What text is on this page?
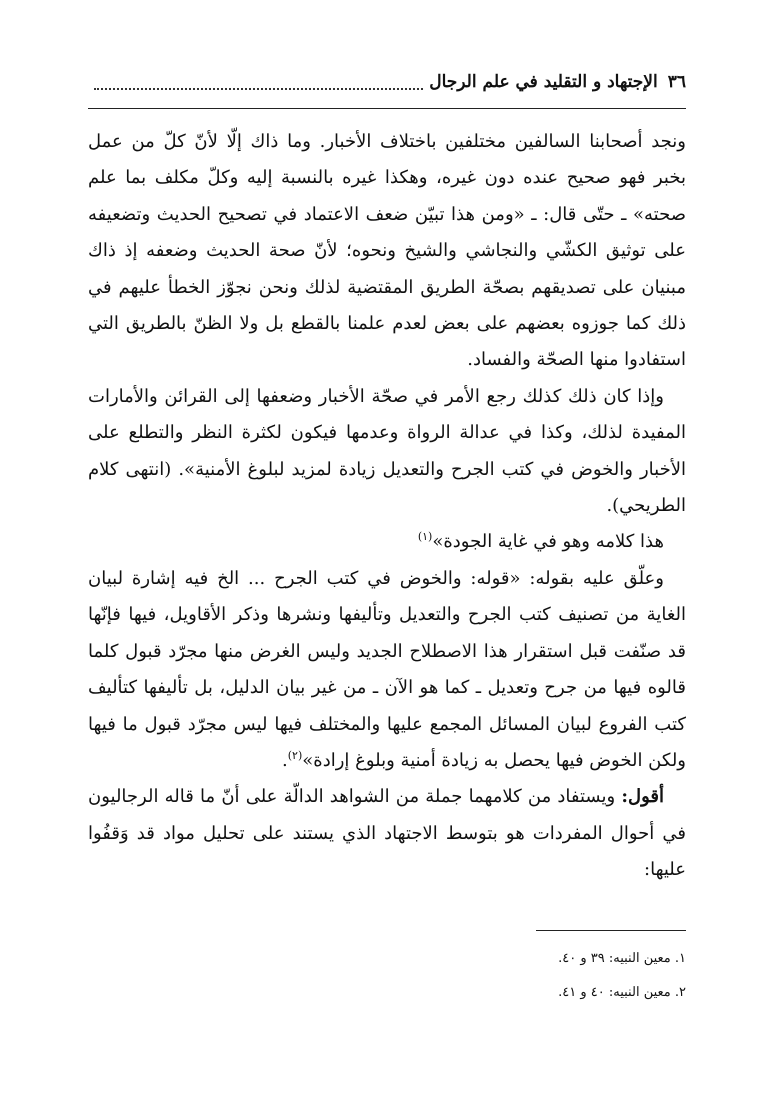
٣٦
الإجتهاد و التقليد في علم الرجال

ونجد أصحابنا السالفين مختلفين باختلاف الأخبار. وما ذاك إلّا لأنّ كلّ من عمل بخبر فهو صحيح عنده دون غيره، وهكذا غيره بالنسبة إليه وكلّ مكلف بما علم صحته» ـ حتّى قال: ـ «ومن هذا تبيّن ضعف الاعتماد في تصحيح الحديث وتضعيفه على توثيق الكشّي والنجاشي والشيخ ونحوه؛ لأنّ صحة الحديث وضعفه إذ ذاك مبنيان على تصديقهم بصحّة الطريق المقتضية لذلك ونحن نجوّز الخطأ عليهم في ذلك كما جوزوه بعضهم على بعض لعدم علمنا بالقطع بل ولا الظنّ بالطريق التي استفادوا منها الصحّة والفساد.

وإذا كان ذلك كذلك رجع الأمر في صحّة الأخبار وضعفها إلى القرائن والأمارات المفيدة لذلك، وكذا في عدالة الرواة وعدمها فيكون لكثرة النظر والتطلع على الأخبار والخوض في كتب الجرح والتعديل زيادة لمزيد لبلوغ الأمنية». (انتهى كلام الطريحي).

هذا كلامه وهو في غاية الجودة»$^{(١)}$

وعلّق عليه بقوله: «قوله: والخوض في كتب الجرح ... الخ فيه إشارة لبيان الغاية من تصنيف كتب الجرح والتعديل وتأليفها ونشرها وذكر الأقاويل، فيها فإنّها قد صنّفت قبل استقرار هذا الاصطلاح الجديد وليس الغرض منها مجرّد قبول كلما قالوه فيها من جرح وتعديل ـ كما هو الآن ـ من غير بيان الدليل، بل تأليفها كتأليف كتب الفروع لبيان المسائل المجمع عليها والمختلف فيها ليس مجرّد قبول ما فيها ولكن الخوض فيها يحصل به زيادة أمنية وبلوغ إرادة»$^{(٢)}$.

أقول: ويستفاد من كلامهما جملة من الشواهد الدالّة على أنّ ما قاله الرجاليون في أحوال المفردات هو بتوسط الاجتهاد الذي يستند على تحليل مواد قد وَقفُوا عليها:

١. معين النبيه: ٣٩ و ٤٠.

٢. معين النبيه: ٤٠ و ٤١.
